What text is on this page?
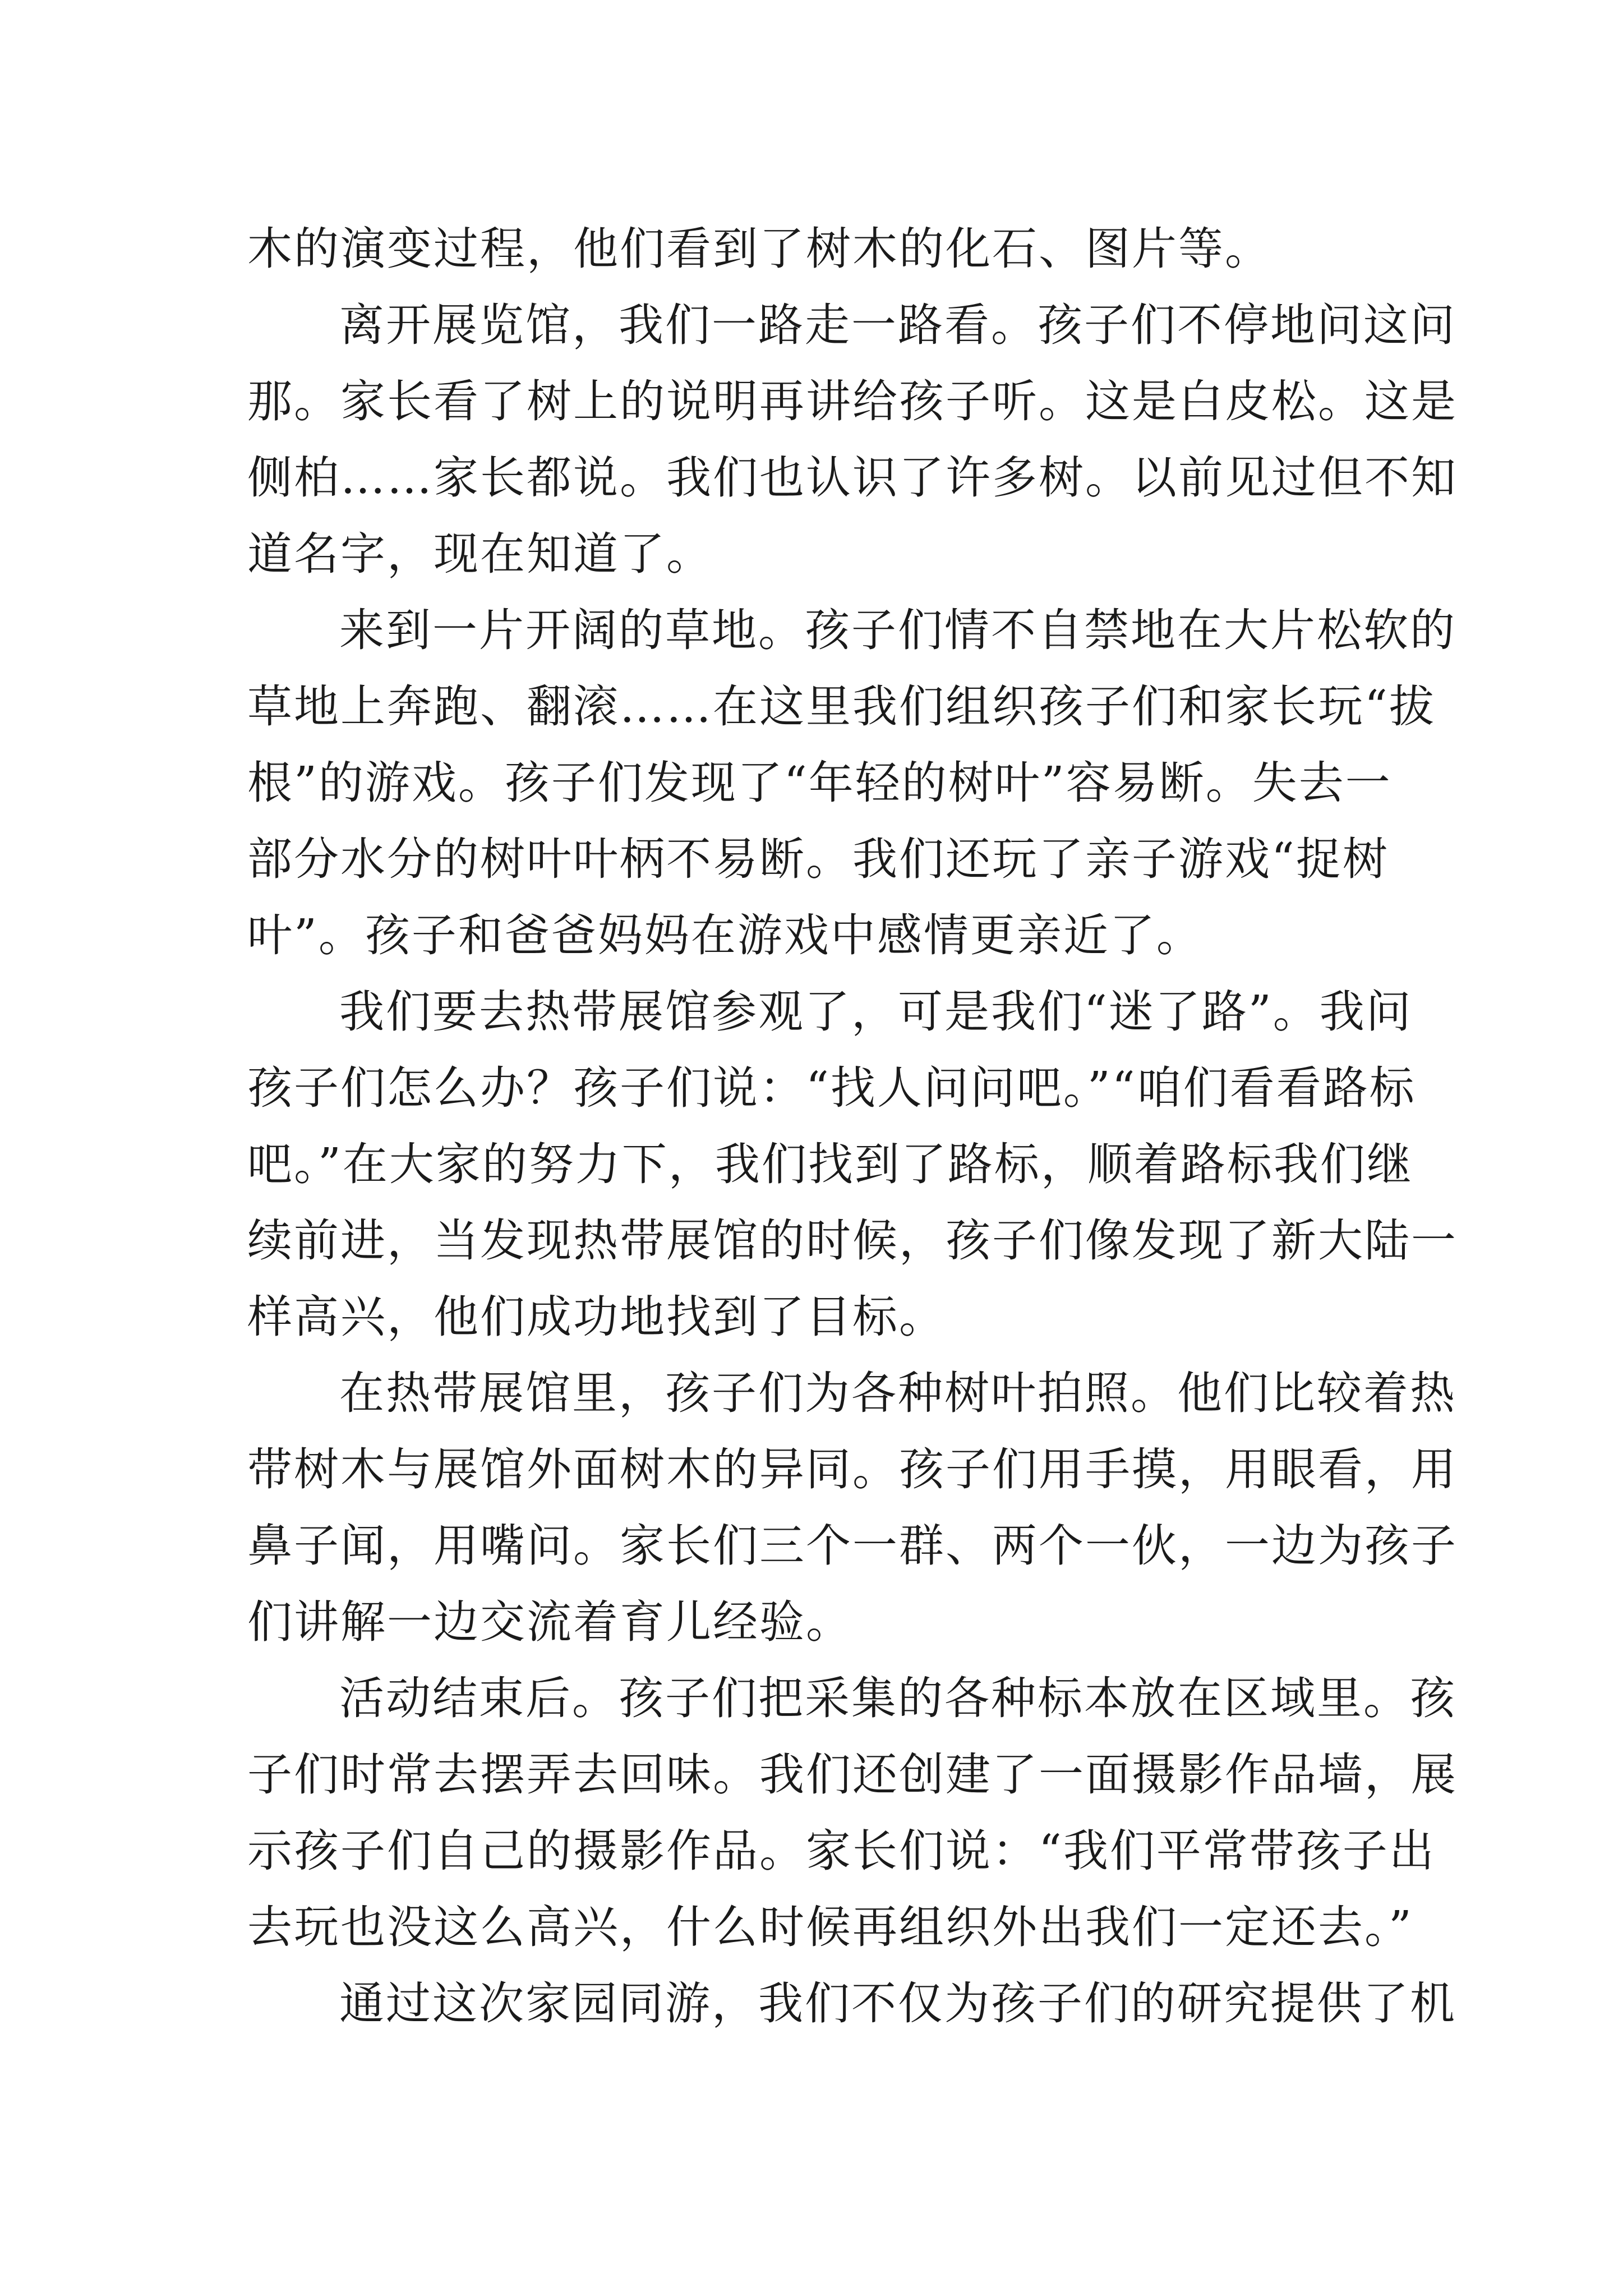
木的演变过程，他们看到了树木的化石、图片等。
离开展览馆，我们一路走一路看。孩子们不停地问这问
那。家长看了树上的说明再讲给孩子听。这是白皮松。这是
侧柏……家长都说。我们也认识了许多树。以前见过但不知
道名字，现在知道了。
来到一片开阔的草地。孩子们情不自禁地在大片松软的
草地上奔跑、翻滚……在这里我们组织孩子们和家长玩“拔
根”的游戏。孩子们发现了“年轻的树叶”容易断。失去一
部分水分的树叶叶柄不易断。我们还玩了亲子游戏“捉树
叶”。孩子和爸爸妈妈在游戏中感情更亲近了。
我们要去热带展馆参观了，可是我们“迷了路”。我问
孩子们怎么办？孩子们说：“找人问问吧。”“咱们看看路标
吧。”在大家的努力下，我们找到了路标，顺着路标我们继
续前进，当发现热带展馆的时候，孩子们像发现了新大陆一
样高兴，他们成功地找到了目标。
在热带展馆里，孩子们为各种树叶拍照。他们比较着热
带树木与展馆外面树木的异同。孩子们用手摸，用眼看，用
鼻子闻，用嘴问。家长们三个一群、两个一伙，一边为孩子
们讲解一边交流着育儿经验。
活动结束后。孩子们把采集的各种标本放在区域里。孩
子们时常去摆弄去回味。我们还创建了一面摄影作品墙，展
示孩子们自己的摄影作品。家长们说：“我们平常带孩子出
去玩也没这么高兴，什么时候再组织外出我们一定还去。”
通过这次家园同游，我们不仅为孩子们的研究提供了机
